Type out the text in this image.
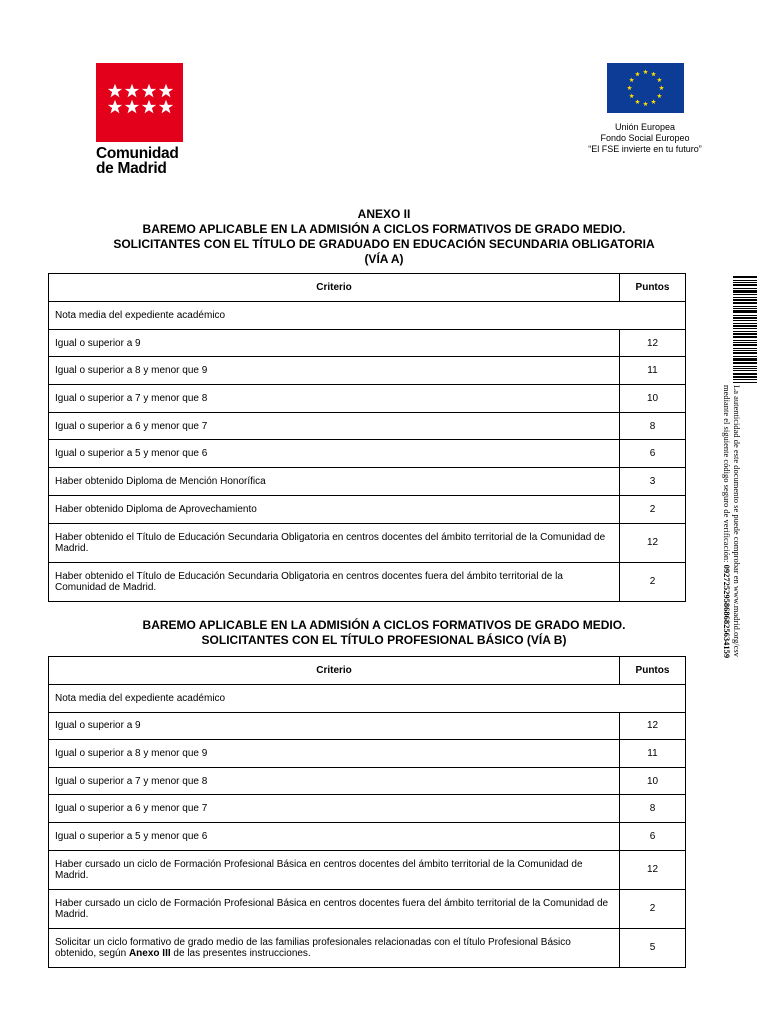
Comunidad
de Madrid
Unión Europea
Fondo Social Europeo
“El FSE invierte en tu futuro”
ANEXO II
BAREMO APLICABLE EN LA ADMISIÓN A CICLOS FORMATIVOS DE GRADO MEDIO.
SOLICITANTES CON EL TÍTULO DE GRADUADO EN EDUCACIÓN SECUNDARIA OBLIGATORIA
(VÍA A)
Criterio	Puntos
Nota media del expediente académico	
Igual o superior a 9	12
Igual o superior a 8 y menor que 9	11
Igual o superior a 7 y menor que 8	10
Igual o superior a 6 y menor que 7	8
Igual o superior a 5 y menor que 6	6
Haber obtenido Diploma de Mención Honorífica	3
Haber obtenido Diploma de Aprovechamiento	2
Haber obtenido el Título de Educación Secundaria Obligatoria en centros docentes del ámbito territorial de la Comunidad de Madrid.	12
Haber obtenido el Título de Educación Secundaria Obligatoria en centros docentes fuera del ámbito territorial de la Comunidad de Madrid.	2
BAREMO APLICABLE EN LA ADMISIÓN A CICLOS FORMATIVOS DE GRADO MEDIO.
SOLICITANTES CON EL TÍTULO PROFESIONAL BÁSICO (VÍA B)
Criterio	Puntos
Nota media del expediente académico	
Igual o superior a 9	12
Igual o superior a 8 y menor que 9	11
Igual o superior a 7 y menor que 8	10
Igual o superior a 6 y menor que 7	8
Igual o superior a 5 y menor que 6	6
Haber cursado un ciclo de Formación Profesional Básica en centros docentes del ámbito territorial de la Comunidad de Madrid.	12
Haber cursado un ciclo de Formación Profesional Básica en centros docentes fuera del ámbito territorial de la Comunidad de Madrid.	2
Solicitar un ciclo formativo de grado medio de las familias profesionales relacionadas con el título Profesional Básico obtenido, según Anexo III de las presentes instrucciones.	5
La autenticidad de este documento se puede comprobar en www.madrid.org/csv
mediante el siguiente código seguro de verificación: 0927252958686825634159
